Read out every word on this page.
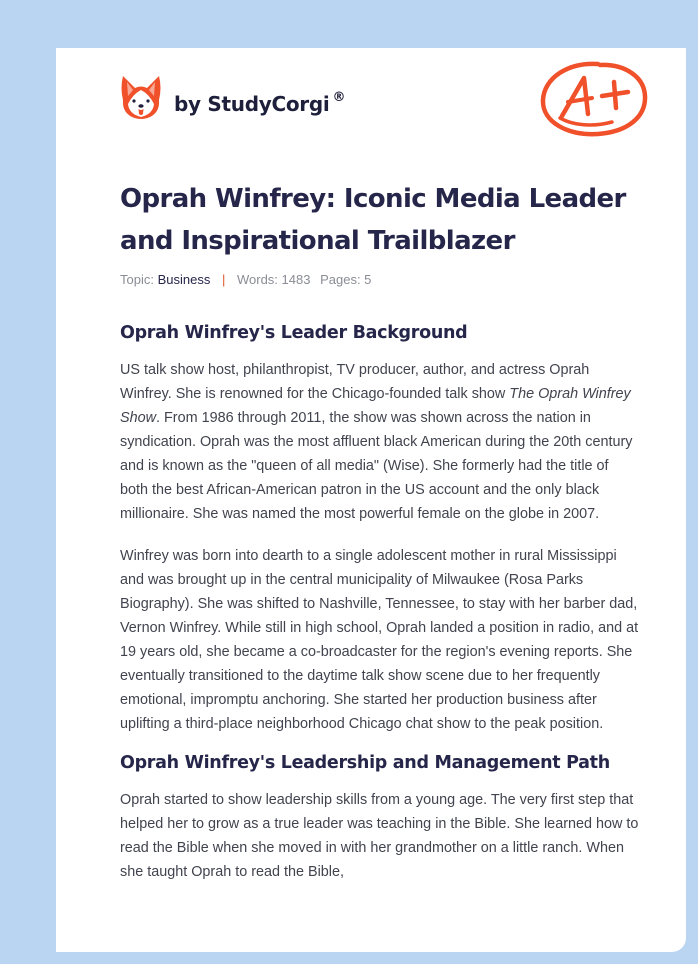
by StudyCorgi ®
Oprah Winfrey: Iconic Media Leader and Inspirational Trailblazer
Topic: Business | Words: 1483 Pages: 5
Oprah Winfrey's Leader Background

US talk show host, philanthropist, TV producer, author, and actress Oprah Winfrey. She is renowned for the Chicago-founded talk show The Oprah Winfrey Show. From 1986 through 2011, the show was shown across the nation in syndication. Oprah was the most affluent black American during the 20th century and is known as the "queen of all media" (Wise). She formerly had the title of both the best African-American patron in the US account and the only black millionaire. She was named the most powerful female on the globe in 2007.

Winfrey was born into dearth to a single adolescent mother in rural Mississippi and was brought up in the central municipality of Milwaukee (Rosa Parks Biography). She was shifted to Nashville, Tennessee, to stay with her barber dad, Vernon Winfrey. While still in high school, Oprah landed a position in radio, and at 19 years old, she became a co-broadcaster for the region's evening reports. She eventually transitioned to the daytime talk show scene due to her frequently emotional, impromptu anchoring. She started her production business after uplifting a third-place neighborhood Chicago chat show to the peak position.

Oprah Winfrey's Leadership and Management Path

Oprah started to show leadership skills from a young age. The very first step that helped her to grow as a true leader was teaching in the Bible. She learned how to read the Bible when she moved in with her grandmother on a little ranch. When she taught Oprah to read the Bible,
